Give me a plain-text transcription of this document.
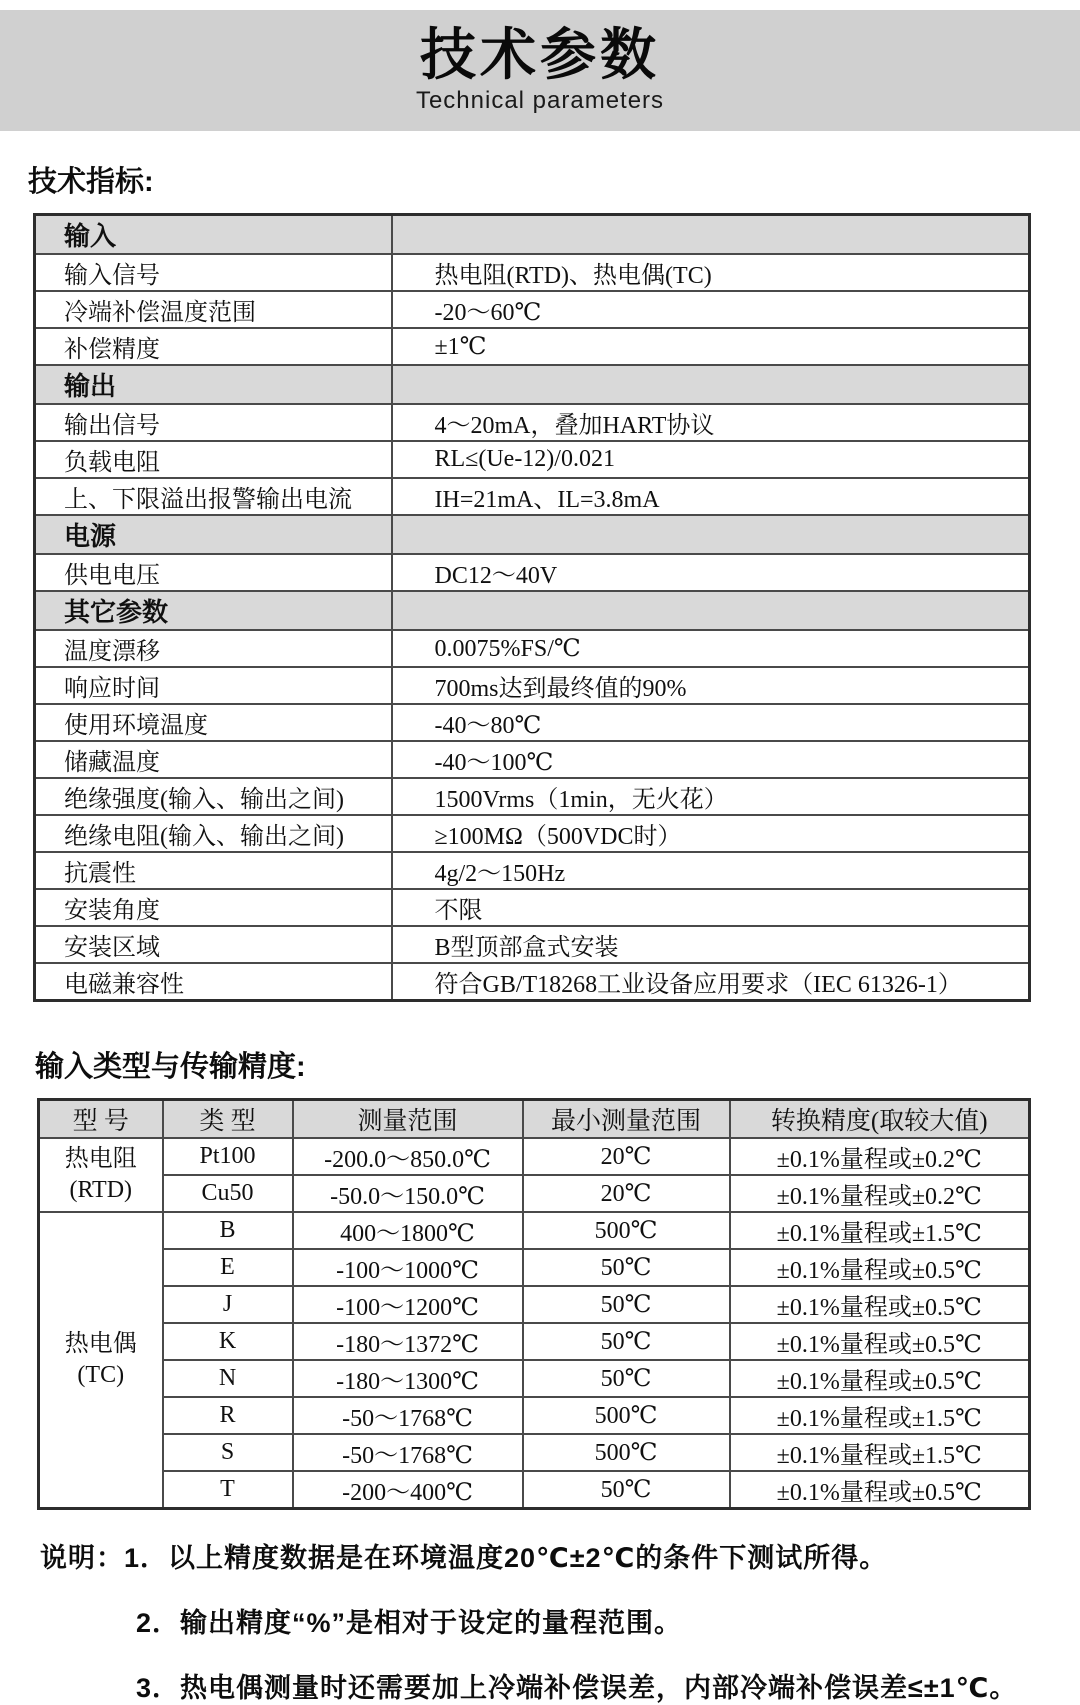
技术参数
Technical parameters
技术指标:
输入	
输入信号	热电阻(RTD)、热电偶(TC)
冷端补偿温度范围	-20～60℃
补偿精度	±1℃
输出	
输出信号	4～20mA，叠加HART协议
负载电阻	RL≤(Ue-12)/0.021
上、下限溢出报警输出电流	IH=21mA、IL=3.8mA
电源	
供电电压	DC12～40V
其它参数	
温度漂移	0.0075%FS/℃
响应时间	700ms达到最终值的90%
使用环境温度	-40～80℃
储藏温度	-40～100℃
绝缘强度(输入、输出之间)	1500Vrms（1min，无火花）
绝缘电阻(输入、输出之间)	≥100MΩ（500VDC时）
抗震性	4g/2～150Hz
安装角度	不限
安装区域	B型顶部盒式安装
电磁兼容性	符合GB/T18268工业设备应用要求（IEC 61326-1）
输入类型与传输精度:
型 号	类 型	测量范围	最小测量范围	转换精度(取较大值)

热电阻
(RTD)	Pt100	-200.0～850.0℃	20℃	±0.1%量程或±0.2℃
	Cu50	-50.0～150.0℃	20℃	±0.1%量程或±0.2℃

热电偶
(TC)	B	400～1800℃	500℃	±0.1%量程或±1.5℃
	E	-100～1000℃	50℃	±0.1%量程或±0.5℃
	J	-100～1200℃	50℃	±0.1%量程或±0.5℃
	K	-180～1372℃	50℃	±0.1%量程或±0.5℃
	N	-180～1300℃	50℃	±0.1%量程或±0.5℃
	R	-50～1768℃	500℃	±0.1%量程或±1.5℃
	S	-50～1768℃	500℃	±0.1%量程或±1.5℃
	T	-200～400℃	50℃	±0.1%量程或±0.5℃
说明：1．以上精度数据是在环境温度20℃±2℃的条件下测试所得。
2．输出精度“%”是相对于设定的量程范围。
3．热电偶测量时还需要加上冷端补偿误差，内部冷端补偿误差≤±1℃。
